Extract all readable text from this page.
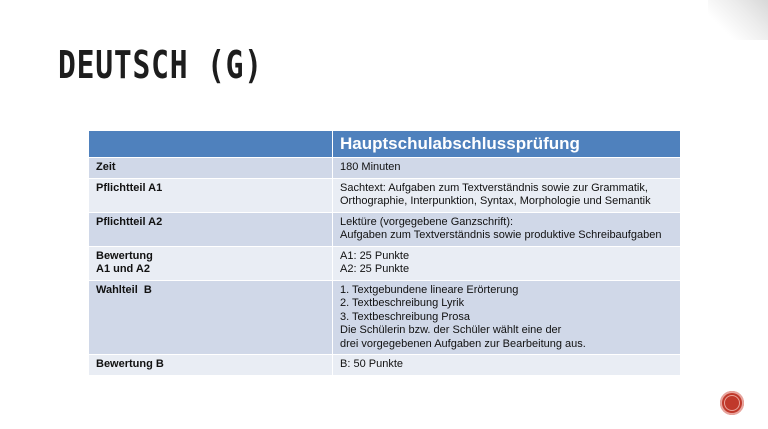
DEUTSCH (G)
	Hauptschulabschlussprüfung

Zeit	180 Minuten

Pflichtteil A1	Sachtext: Aufgaben zum Textverständnis sowie zur Grammatik,
Orthographie, Interpunktion, Syntax, Morphologie und Semantik

Pflichtteil A2	Lektüre (vorgegebene Ganzschrift):
Aufgaben zum Textverständnis sowie produktive Schreibaufgaben

Bewertung
A1 und A2	A1: 25 Punkte
A2: 25 Punkte

Wahlteil  B	1. Textgebundene lineare Erörterung
2. Textbeschreibung Lyrik
3. Textbeschreibung Prosa
Die Schülerin bzw. der Schüler wählt eine der
drei vorgegebenen Aufgaben zur Bearbeitung aus.

Bewertung B	B: 50 Punkte
